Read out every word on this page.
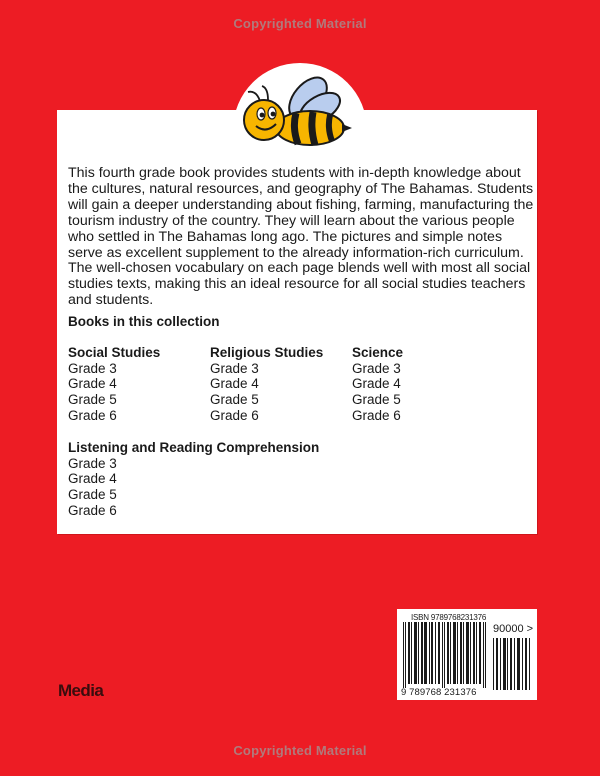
Copyrighted Material

This fourth grade book provides students with in-depth knowledge about the cultures, natural resources, and geography of The Bahamas. Students will gain a deeper understanding about fishing, farming, manufacturing the tourism industry of the country. They will learn about the various people who settled in The Bahamas long ago. The pictures and simple notes serve as excellent supplement to the already information-rich curriculum. The well-chosen vocabulary on each page blends well with most all social studies texts, making this an ideal resource for all social studies teachers and students.

Books in this collection
Social Studies
Grade 3
Grade 4
Grade 5
Grade 6
Religious Studies
Grade 3
Grade 4
Grade 5
Grade 6
Science
Grade 3
Grade 4
Grade 5
Grade 6
Listening and Reading Comprehension
Grade 3
Grade 4
Grade 5
Grade 6
Media
ISBN 9789768231376
90000 >
9 789768 231376
Copyrighted Material
